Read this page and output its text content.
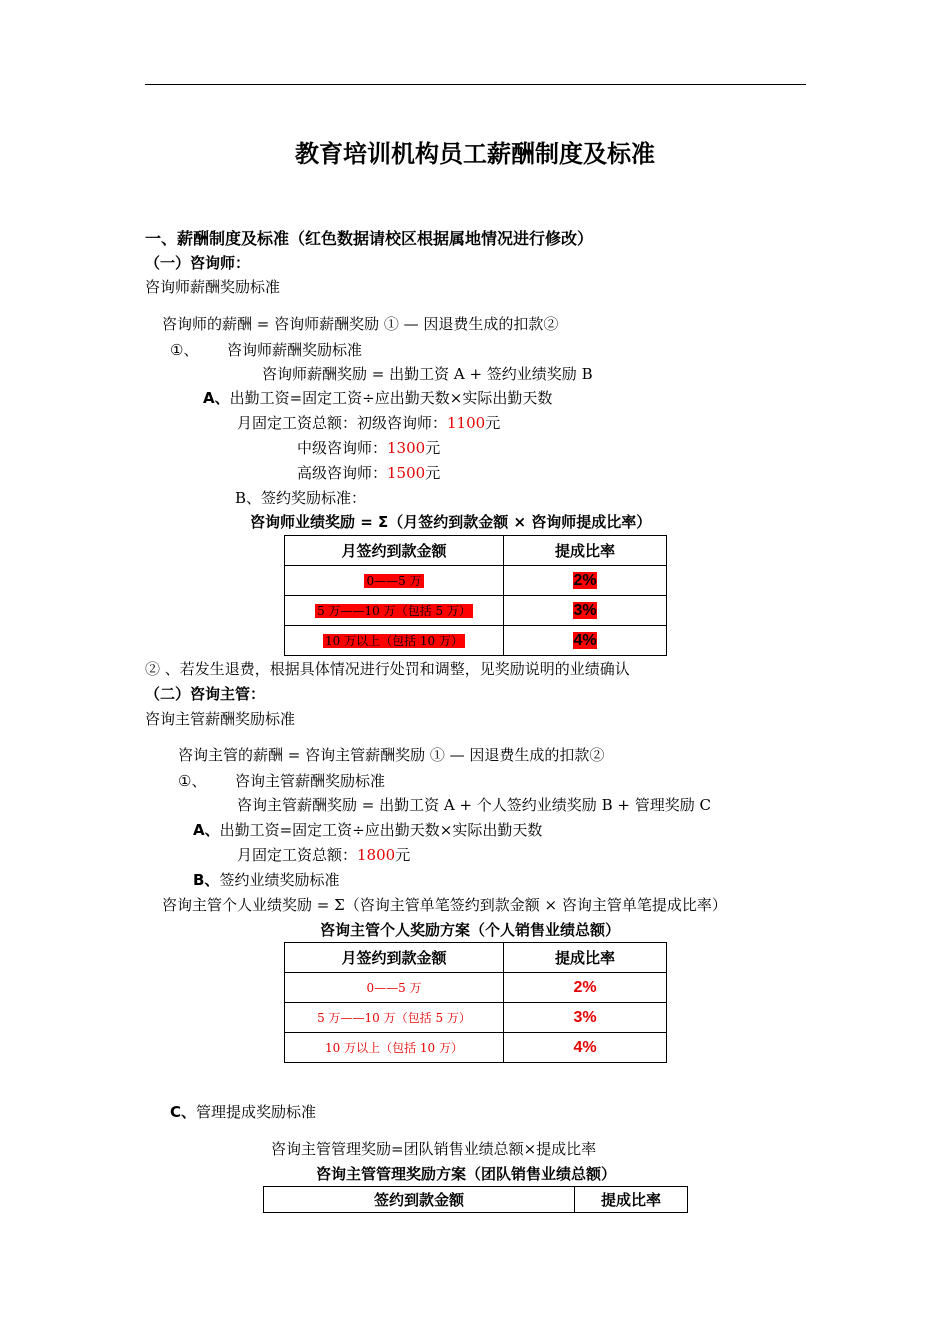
教育培训机构员工薪酬制度及标准
一、薪酬制度及标准（红色数据请校区根据属地情况进行修改）
（一）咨询师：
咨询师薪酬奖励标准
咨询师的薪酬 = 咨询师薪酬奖励 ① — 因退费生成的扣款②
①、 咨询师薪酬奖励标准
咨询师薪酬奖励 = 出勤工资 A + 签约业绩奖励 B
A、出勤工资=固定工资÷应出勤天数×实际出勤天数
月固定工资总额：初级咨询师：1100元
中级咨询师：1300元
高级咨询师：1500元
B、签约奖励标准：
咨询师业绩奖励 = Σ（月签约到款金额 × 咨询师提成比率）
月签约到款金额	提成比率
0——5 万	2%
5 万——10 万（包括 5 万）	3%
10 万以上（包括 10 万）	4%
② 、若发生退费，根据具体情况进行处罚和调整，见奖励说明的业绩确认
（二）咨询主管：
咨询主管薪酬奖励标准
咨询主管的薪酬 = 咨询主管薪酬奖励 ① — 因退费生成的扣款②
①、 咨询主管薪酬奖励标准
咨询主管薪酬奖励 = 出勤工资 A + 个人签约业绩奖励 B + 管理奖励 C
A、出勤工资=固定工资÷应出勤天数×实际出勤天数
月固定工资总额：1800元
B、签约业绩奖励标准
咨询主管个人业绩奖励 = Σ（咨询主管单笔签约到款金额 × 咨询主管单笔提成比率）
咨询主管个人奖励方案（个人销售业绩总额）
月签约到款金额	提成比率
0——5 万	2%
5 万——10 万（包括 5 万）	3%
10 万以上（包括 10 万）	4%
C、管理提成奖励标准
咨询主管管理奖励=团队销售业绩总额×提成比率
咨询主管管理奖励方案（团队销售业绩总额）
签约到款金额	提成比率
